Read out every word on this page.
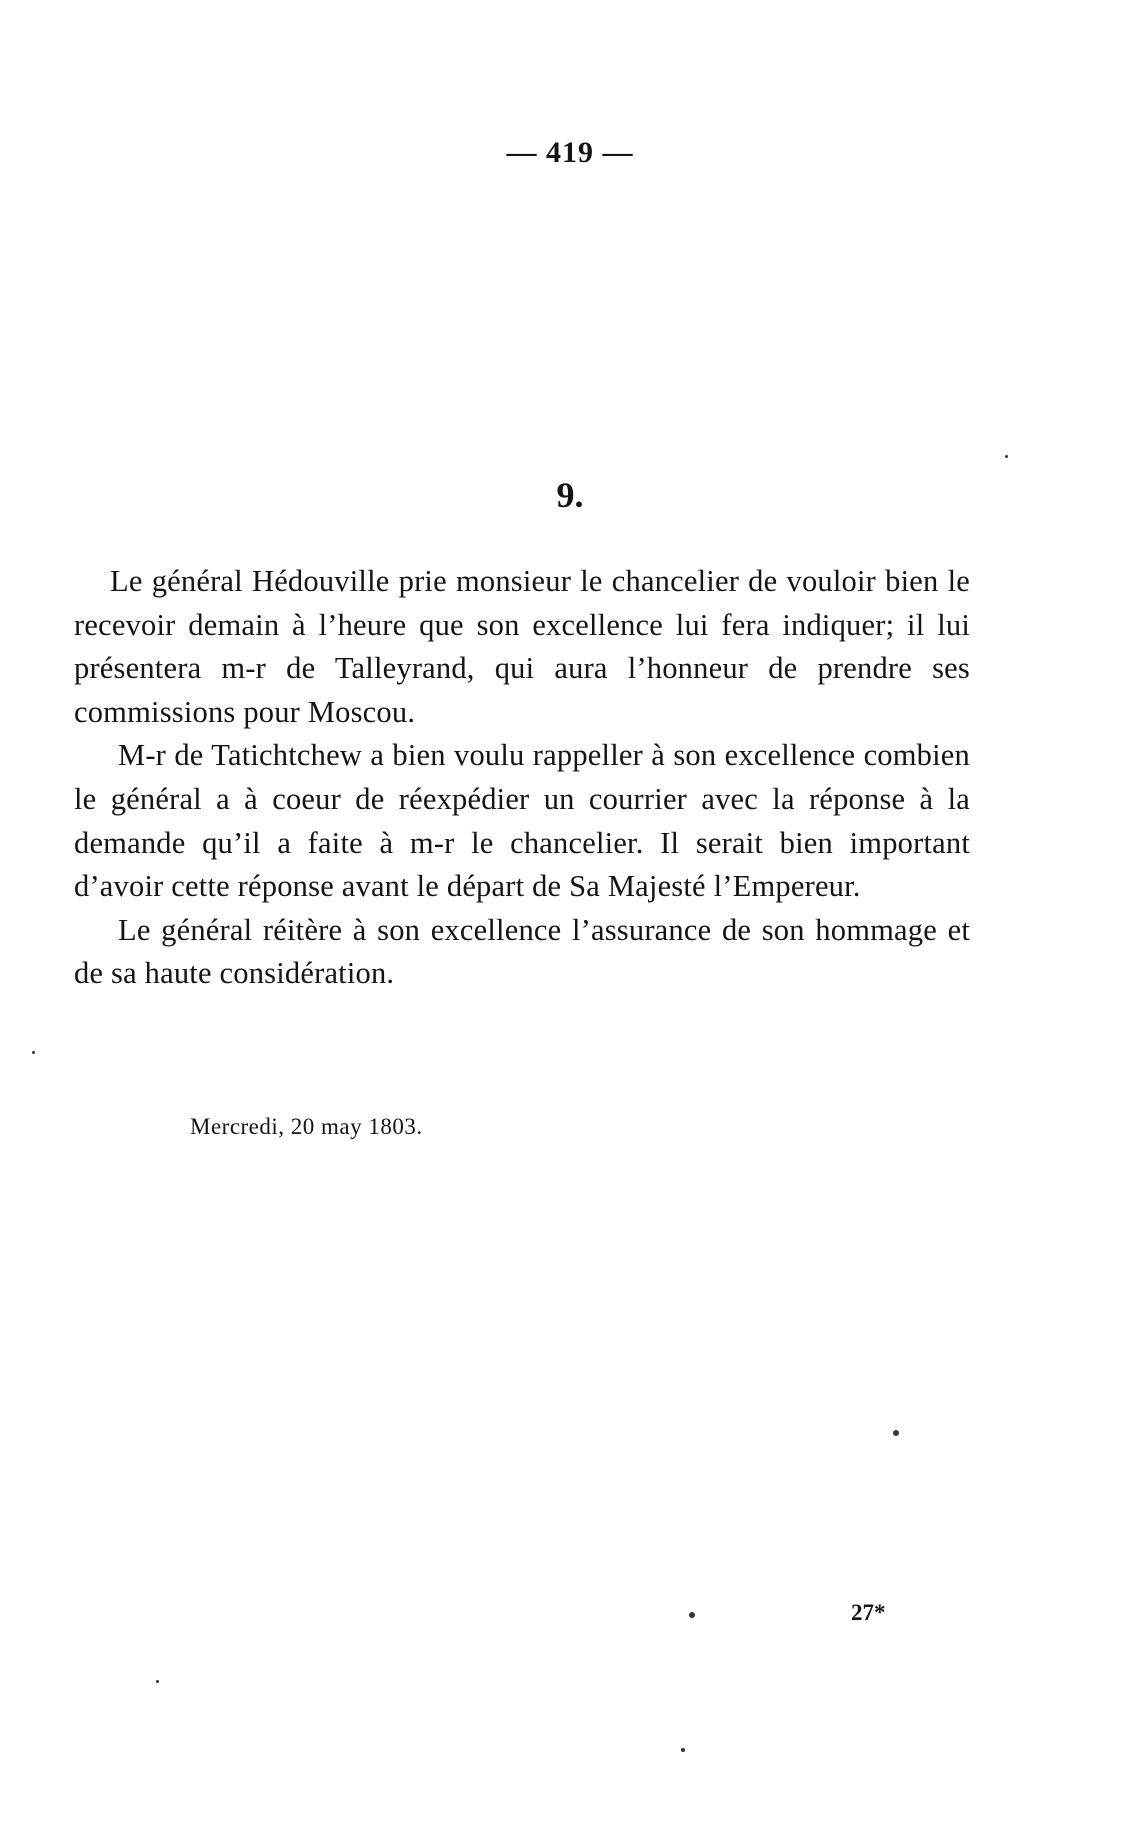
— 419 —
9.

Le général Hédouville prie monsieur le chancelier de vouloir bien le recevoir demain à l’heure que son excellence lui fera indiquer; il lui présentera m-r de Talleyrand, qui aura l’honneur de prendre ses commissions pour Moscou.

M-r de Tatichtchew a bien voulu rappeller à son excellence combien le général a à coeur de réexpédier un courrier avec la réponse à la demande qu’il a faite à m-r le chancelier. Il serait bien important d’avoir cette réponse avant le départ de Sa Majesté l’Empereur.

Le général réitère à son excellence l’assurance de son hommage et de sa haute considération.

Mercredi, 20 may 1803.
27*
